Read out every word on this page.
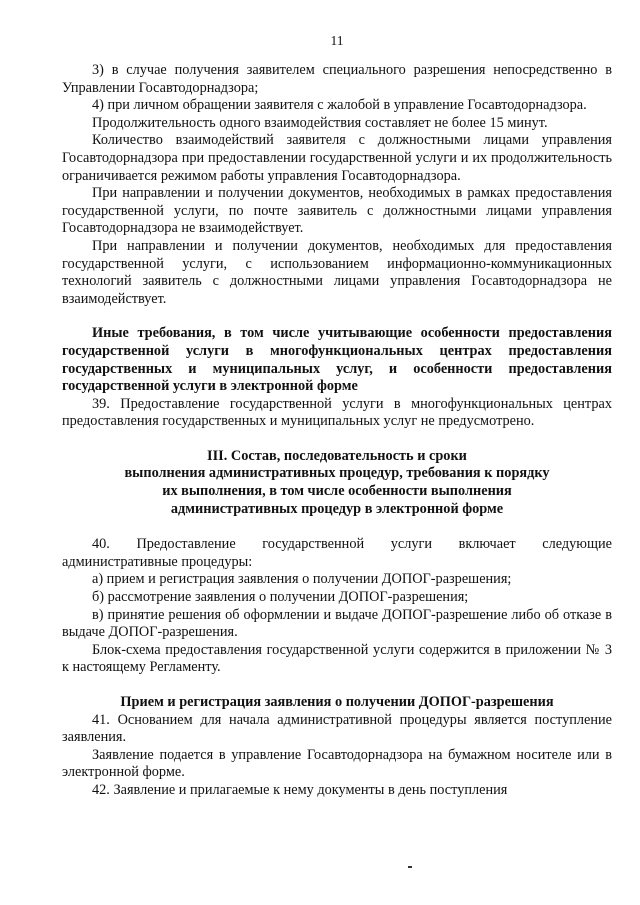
11

3) в случае получения заявителем специального разрешения непосредственно в Управлении Госавтодорнадзора;

4) при личном обращении заявителя с жалобой в управление Госавтодорнадзора.

Продолжительность одного взаимодействия составляет не более 15 минут.

Количество взаимодействий заявителя с должностными лицами управления Госавтодорнадзора при предоставлении государственной услуги и их продолжительность ограничивается режимом работы управления Госавтодорнадзора.

При направлении и получении документов, необходимых в рамках предоставления государственной услуги, по почте заявитель с должностными лицами управления Госавтодорнадзора не взаимодействует.

При направлении и получении документов, необходимых для предоставления государственной услуги, с использованием информационно-коммуникационных технологий заявитель с должностными лицами управления Госавтодорнадзора не взаимодействует.

Иные требования, в том числе учитывающие особенности предоставления государственной услуги в многофункциональных центрах предоставления государственных и муниципальных услуг, и особенности предоставления государственной услуги в электронной форме

39. Предоставление государственной услуги в многофункциональных центрах предоставления государственных и муниципальных услуг не предусмотрено.

III. Состав, последовательность и сроки

выполнения административных процедур, требования к порядку

их выполнения, в том числе особенности выполнения

административных процедур в электронной форме

40. Предоставление государственной услуги включает следующие административные процедуры:

а) прием и регистрация заявления о получении ДОПОГ-разрешения;

б) рассмотрение заявления о получении ДОПОГ-разрешения;

в) принятие решения об оформлении и выдаче ДОПОГ-разрешение либо об отказе в выдаче ДОПОГ-разрешения.

Блок-схема предоставления государственной услуги содержится в приложении № 3 к настоящему Регламенту.

Прием и регистрация заявления о получении ДОПОГ-разрешения

41. Основанием для начала административной процедуры является поступление заявления.

Заявление подается в управление Госавтодорнадзора на бумажном носителе или в электронной форме.

42. Заявление и прилагаемые к нему документы в день поступления
